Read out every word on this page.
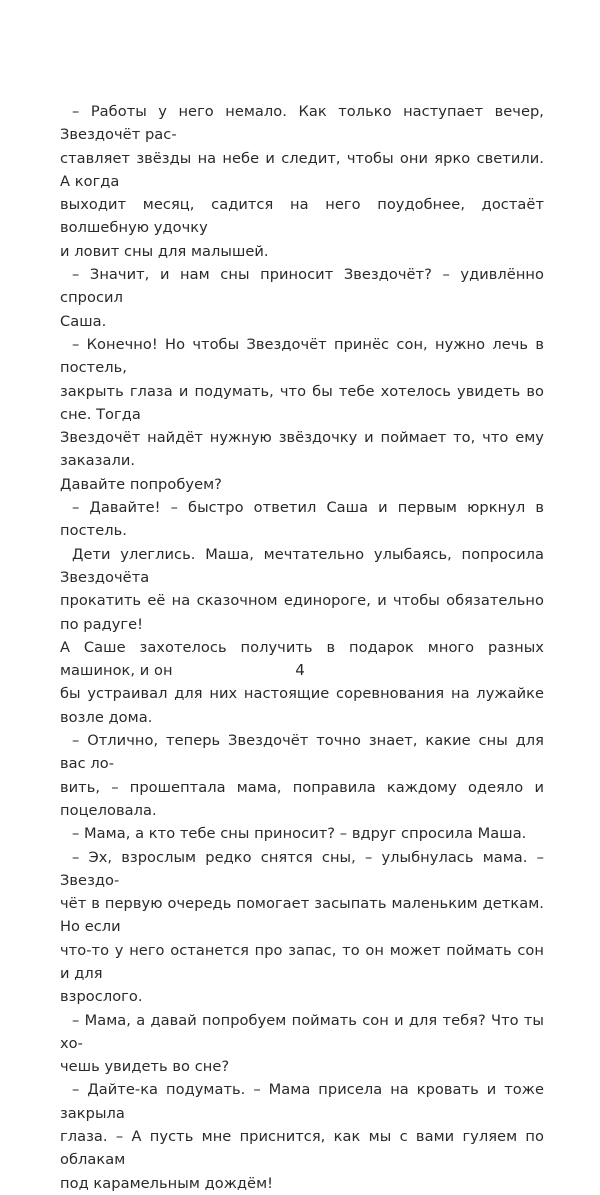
– Работы у него немало. Как только наступает вечер, Звездочёт рас-
ставляет звёзды на небе и следит, чтобы они ярко светили. А когда
выходит месяц, садится на него поудобнее, достаёт волшебную удочку
и ловит сны для малышей.

– Значит, и нам сны приносит Звездочёт? – удивлённо спросил
Саша.

– Конечно! Но чтобы Звездочёт принёс сон, нужно лечь в постель,
закрыть глаза и подумать, что бы тебе хотелось увидеть во сне. Тогда
Звездочёт найдёт нужную звёздочку и поймает то, что ему заказали.
Давайте попробуем?

– Давайте! – быстро ответил Саша и первым юркнул в постель.

Дети улеглись. Маша, мечтательно улыбаясь, попросила Звездочёта
прокатить её на сказочном единороге, и чтобы обязательно по радуге!
А Саше захотелось получить в подарок много разных машинок, и он
бы устраивал для них настоящие соревнования на лужайке возле дома.

– Отлично, теперь Звездочёт точно знает, какие сны для вас ло-
вить, – прошептала мама, поправила каждому одеяло и поцеловала.

– Мама, а кто тебе сны приносит? – вдруг спросила Маша.

– Эх, взрослым редко снятся сны, – улыбнулась мама. – Звездо-
чёт в первую очередь помогает засыпать маленьким деткам. Но если
что-то у него останется про запас, то он может поймать сон и для
взрослого.

– Мама, а давай попробуем поймать сон и для тебя? Что ты хо-
чешь увидеть во сне?

– Дайте-ка подумать. – Мама присела на кровать и тоже закрыла
глаза. – А пусть мне приснится, как мы с вами гуляем по облакам
под карамельным дождём!

4
